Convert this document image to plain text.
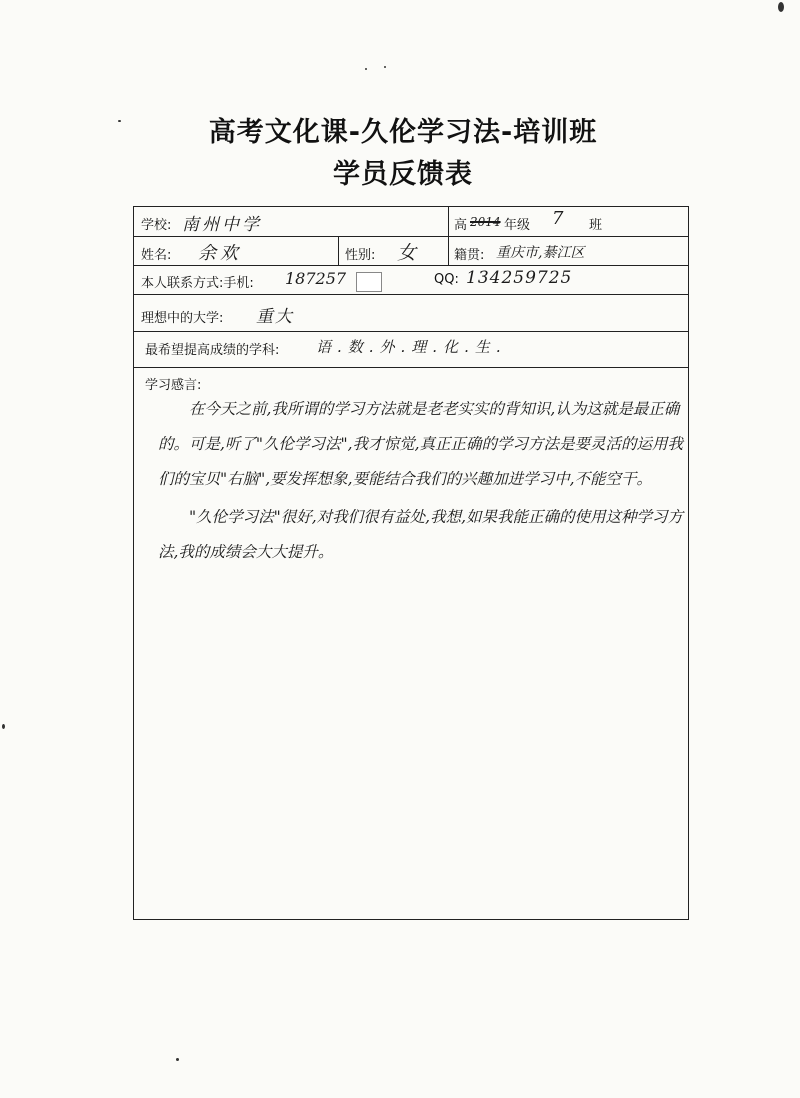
高考文化课-久伦学习法-培训班
学员反馈表
学校: 南州中学	高 2014 年级 7 班
姓名: 余欢	性别: 女	籍贯: 重庆市,綦江区
本人联系方式:手机: 187257	QQ: 134259725
理想中的大学: 重大
最希望提高成绩的学科: 语.数.外.理.化.生.
学习感言:

在今天之前,我所谓的学习方法就是老老实实的背知识,认为这就是最正确的。可是,听了"久伦学习法",我才惊觉,真正正确的学习方法是要灵活的运用我们的宝贝"右脑",要发挥想象,要能结合我们的兴趣加进学习中,不能空干。

"久伦学习法"很好,对我们很有益处,我想,如果我能正确的使用这种学习方法,我的成绩会大大提升。
